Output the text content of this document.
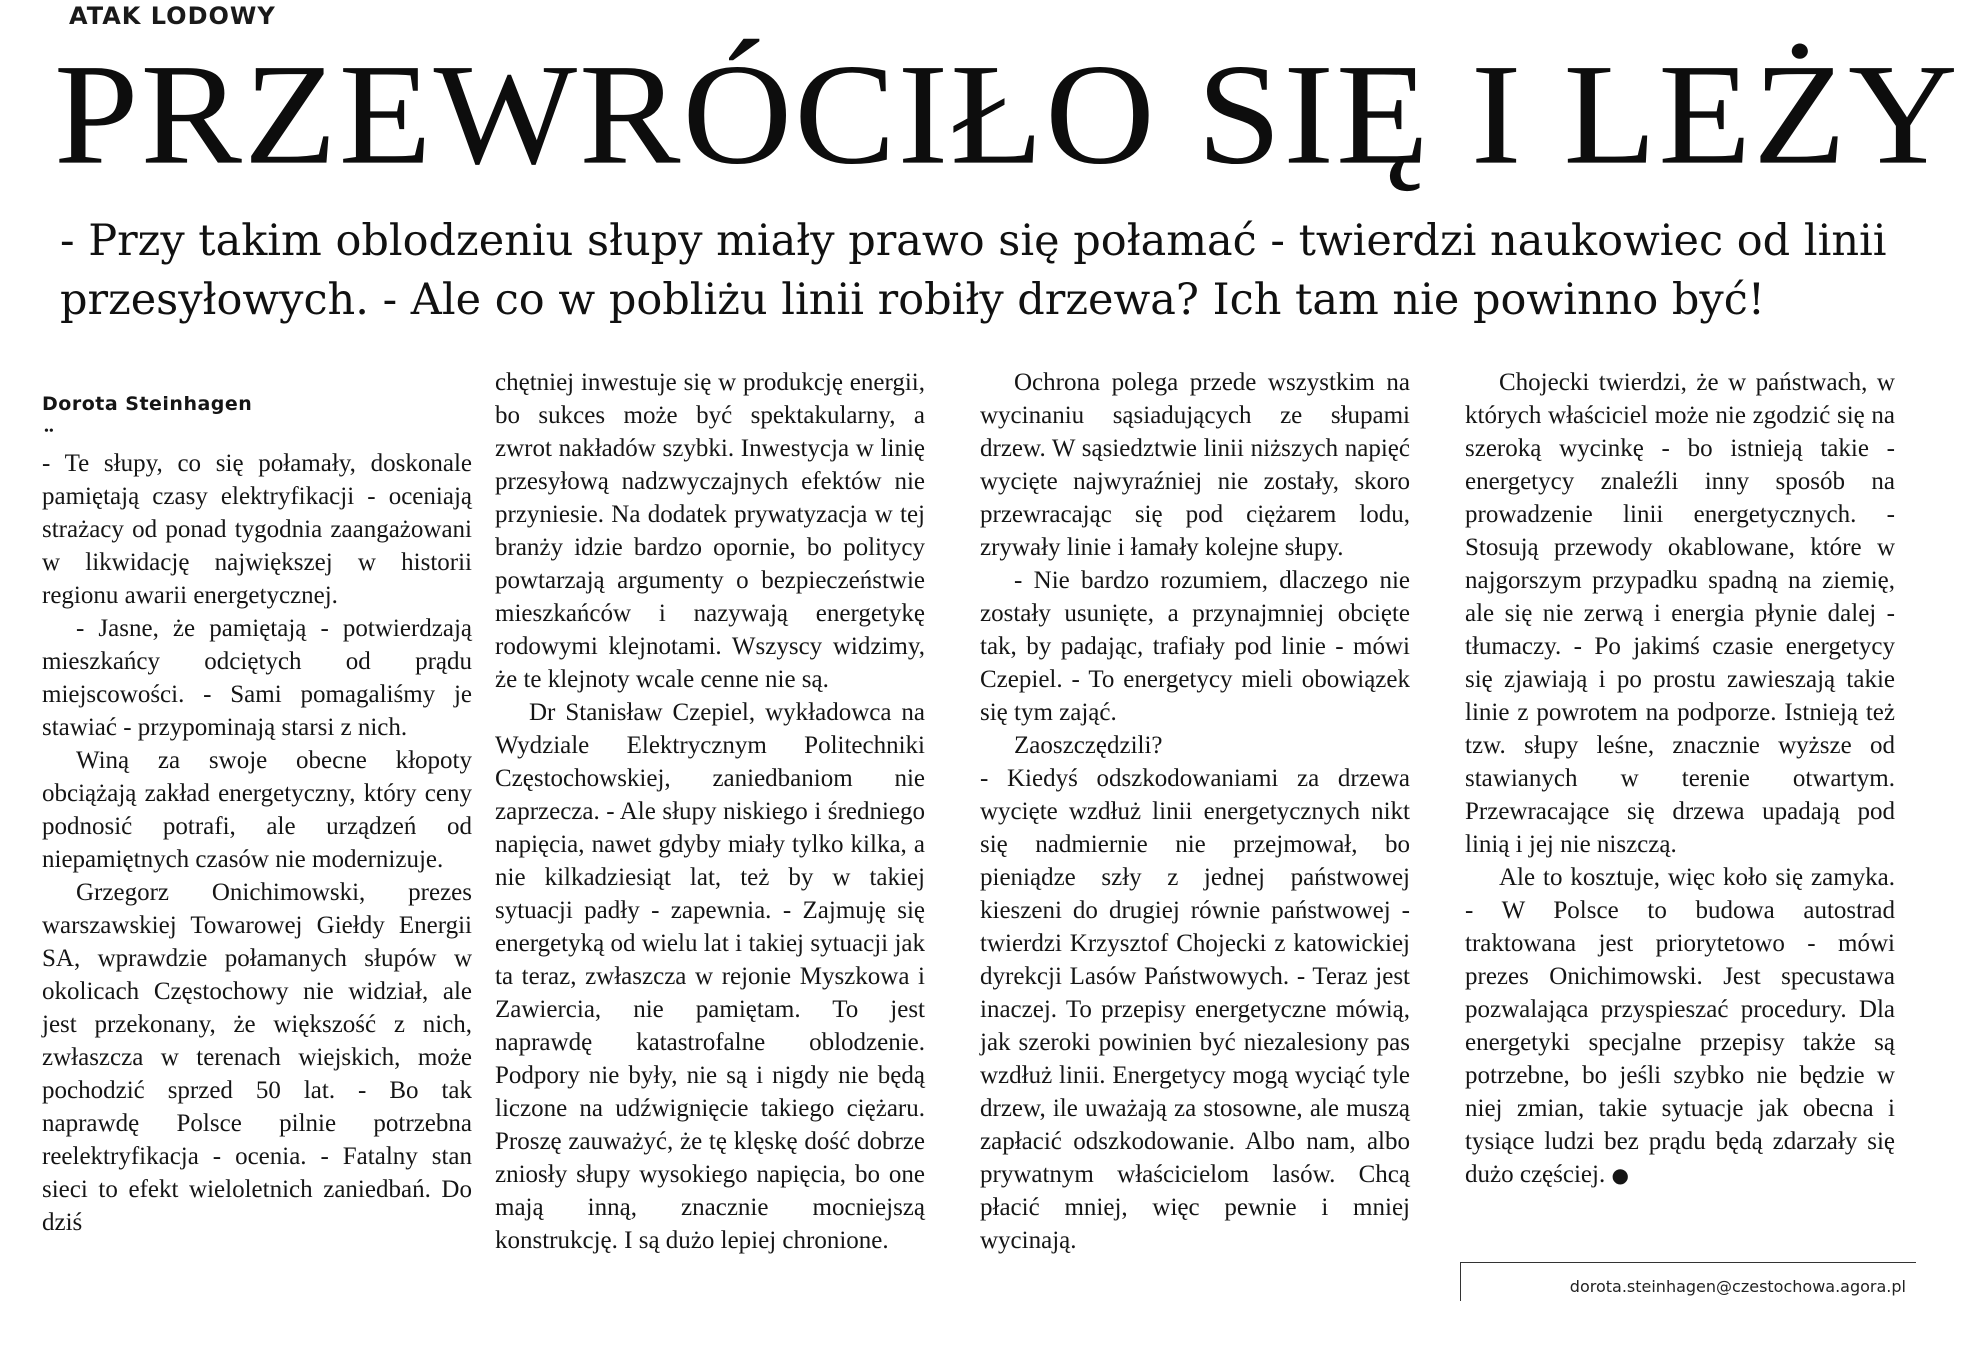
ATAK LODOWY
PRZEWRÓCIŁO SIĘ I LEŻY

- Przy takim oblodzeniu słupy miały prawo się połamać - twierdzi naukowiec od linii przesyłowych. - Ale co w pobliżu linii robiły drzewa? Ich tam nie powinno być!

Dorota Steinhagen
••

- Te słupy, co się połamały, doskonale pamiętają czasy elektryfikacji - oceniają strażacy od ponad tygodnia zaangażowani w likwidację największej w historii regionu awarii energetycznej.

- Jasne, że pamiętają - potwierdzają mieszkańcy odciętych od prądu miejscowości. - Sami pomagaliśmy je stawiać - przypominają starsi z nich.

Winą za swoje obecne kłopoty obciążają zakład energetyczny, który ceny podnosić potrafi, ale urządzeń od niepamiętnych czasów nie modernizuje.

Grzegorz Onichimowski, prezes warszawskiej Towarowej Giełdy Energii SA, wprawdzie połamanych słupów w okolicach Częstochowy nie widział, ale jest przekonany, że większość z nich, zwłaszcza w terenach wiejskich, może pochodzić sprzed 50 lat. - Bo tak naprawdę Polsce pilnie potrzebna reelektryfikacja - ocenia. - Fatalny stan sieci to efekt wieloletnich zaniedbań. Do dziś

chętniej inwestuje się w produkcję energii, bo sukces może być spektakularny, a zwrot nakładów szybki. Inwestycja w linię przesyłową nadzwyczajnych efektów nie przyniesie. Na dodatek prywatyzacja w tej branży idzie bardzo opornie, bo politycy powtarzają argumenty o bezpieczeństwie mieszkańców i nazywają energetykę rodowymi klejnotami. Wszyscy widzimy, że te klejnoty wcale cenne nie są.

Dr Stanisław Czepiel, wykładowca na Wydziale Elektrycznym Politechniki Częstochowskiej, zaniedbaniom nie zaprzecza. - Ale słupy niskiego i średniego napięcia, nawet gdyby miały tylko kilka, a nie kilkadziesiąt lat, też by w takiej sytuacji padły - zapewnia. - Zajmuję się energetyką od wielu lat i takiej sytuacji jak ta teraz, zwłaszcza w rejonie Myszkowa i Zawiercia, nie pamiętam. To jest naprawdę katastrofalne oblodzenie. Podpory nie były, nie są i nigdy nie będą liczone na udźwignięcie takiego ciężaru. Proszę zauważyć, że tę klęskę dość dobrze zniosły słupy wysokiego napięcia, bo one mają inną, znacznie mocniejszą konstrukcję. I są dużo lepiej chronione.

Ochrona polega przede wszystkim na wycinaniu sąsiadujących ze słupami drzew. W sąsiedztwie linii niższych napięć wycięte najwyraźniej nie zostały, skoro przewracając się pod ciężarem lodu, zrywały linie i łamały kolejne słupy.

- Nie bardzo rozumiem, dlaczego nie zostały usunięte, a przynajmniej obcięte tak, by padając, trafiały pod linie - mówi Czepiel. - To energetycy mieli obowiązek się tym zająć.

Zaoszczędzili?

- Kiedyś odszkodowaniami za drzewa wycięte wzdłuż linii energetycznych nikt się nadmiernie nie przejmował, bo pieniądze szły z jednej państwowej kieszeni do drugiej równie państwowej - twierdzi Krzysztof Chojecki z katowickiej dyrekcji Lasów Państwowych. - Teraz jest inaczej. To przepisy energetyczne mówią, jak szeroki powinien być niezalesiony pas wzdłuż linii. Energetycy mogą wyciąć tyle drzew, ile uważają za stosowne, ale muszą zapłacić odszkodowanie. Albo nam, albo prywatnym właścicielom lasów. Chcą płacić mniej, więc pewnie i mniej wycinają.

Chojecki twierdzi, że w państwach, w których właściciel może nie zgodzić się na szeroką wycinkę - bo istnieją takie - energetycy znaleźli inny sposób na prowadzenie linii energetycznych. - Stosują przewody okablowane, które w najgorszym przypadku spadną na ziemię, ale się nie zerwą i energia płynie dalej - tłumaczy. - Po jakimś czasie energetycy się zjawiają i po prostu zawieszają takie linie z powrotem na podporze. Istnieją też tzw. słupy leśne, znacznie wyższe od stawianych w terenie otwartym. Przewracające się drzewa upadają pod linią i jej nie niszczą.

Ale to kosztuje, więc koło się zamyka. - W Polsce to budowa autostrad traktowana jest priorytetowo - mówi prezes Onichimowski. Jest specustawa pozwalająca przyspieszać procedury. Dla energetyki specjalne przepisy także są potrzebne, bo jeśli szybko nie będzie w niej zmian, takie sytuacje jak obecna i tysiące ludzi bez prądu będą zdarzały się dużo częściej. ●

dorota.steinhagen@czestochowa.agora.pl
